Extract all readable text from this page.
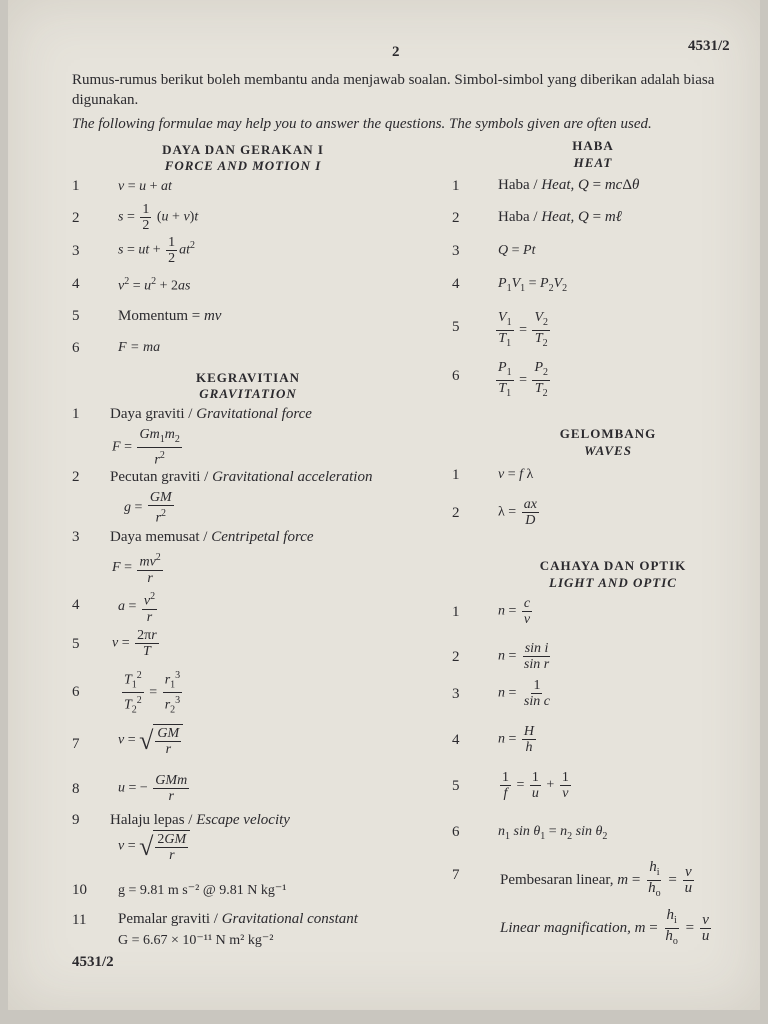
2	4531/2
Rumus-rumus berikut boleh membantu anda menjawab soalan. Simbol-simbol yang diberikan adalah biasa digunakan.
The following formulae may help you to answer the questions. The symbols given are often used.
DAYA DAN GERAKAN I
FORCE AND MOTION I
1	v = u + at
2	$s = \frac{1}{2} (u + v)t$
3	s = ut + $\frac{1}{2} at^2$
4	$v^2 = u^2 + 2as$
5	Momentum = mv
6	F = ma
KEGRAVITIAN
GRAVITATION
1 Daya graviti / Gravitational force
$F = \frac{Gm_1m_2}{r^2}$
2 Pecutan graviti / Gravitational acceleration
$g = \frac{GM}{r^2}$
3 Daya memusat / Centripetal force
$F = \frac{mv^2}{r}$
4	$a = \frac{v^2}{r}$
5 $v = \frac{2\pi r}{T}$
6	$\frac{T_1^2}{T_2^2} = \frac{r_1^3}{r_2^3}$
7	v = √ $\frac{GM}{r}$
8	u = − $\frac{\text{GMm}}{r}$
9 Halaju lepas / Escape velocity
v = √ $\frac{2GM}{r}$
10 g = 9.81 m s⁻² @ 9.81 N kg⁻¹
11 Pemalar graviti / Gravitational constant
G = 6.67 × 10⁻¹¹ N m² kg⁻²
4531/2
HABA
HEAT
1	Haba / Heat, Q = mcΔθ
2	Haba / Heat, Q = mℓ
3	Q = Pt
4	$P_1V_1 = P_2V_2$
5	$\frac{V_1}{T_1} = \frac{V_2}{T_2}$
6	$\frac{P_1}{T_1} = \frac{P_2}{T_2}$
GELOMBANG
WAVES
1	v = f λ
2	$\lambda = \frac{ax}{D}$
CAHAYA DAN OPTIK
LIGHT AND OPTIC
1	$n = \frac{c}{v}$
2	$n = \frac{\text{sin i}}{\text{sin r}}$
3	$n = \frac{1}{\text{sin c}}$
4	$n = \frac{H}{h}$
5	$\frac{1}{f} = \frac{1}{u} + \frac{1}{v}$
6	$n_1$ $\sin \theta_1 = n_2$ $\sin \theta_2$
7	Pembesaran linear, $m = \frac{h_i}{h_o} = \frac{v}{u}$
Linear magnification, $m = \frac{h_i}{h_o} = \frac{v}{u}$
